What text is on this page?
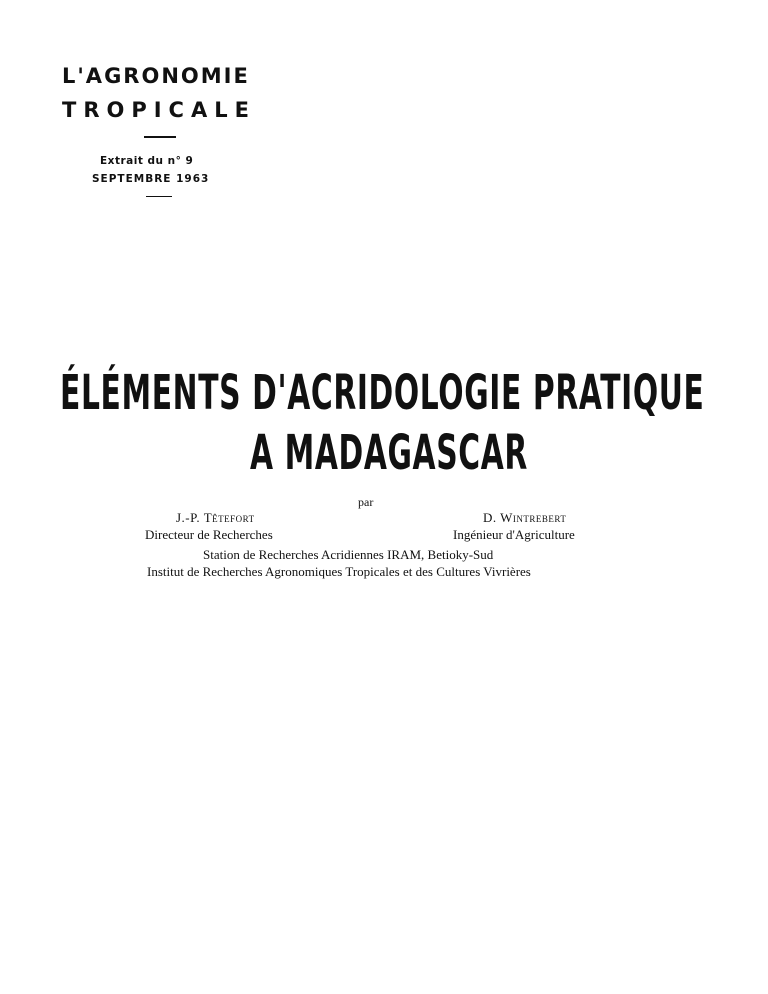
L'AGRONOMIE
TROPICALE
Extrait du n° 9
SEPTEMBRE 1963
ÉLÉMENTS D'ACRIDOLOGIE PRATIQUE
A MADAGASCAR
par
J.-P. Têtefort
Directeur de Recherches
D. Wintrebert
Ingénieur d'Agriculture
Station de Recherches Acridiennes IRAM, Betioky-Sud
Institut de Recherches Agronomiques Tropicales et des Cultures Vivrières
